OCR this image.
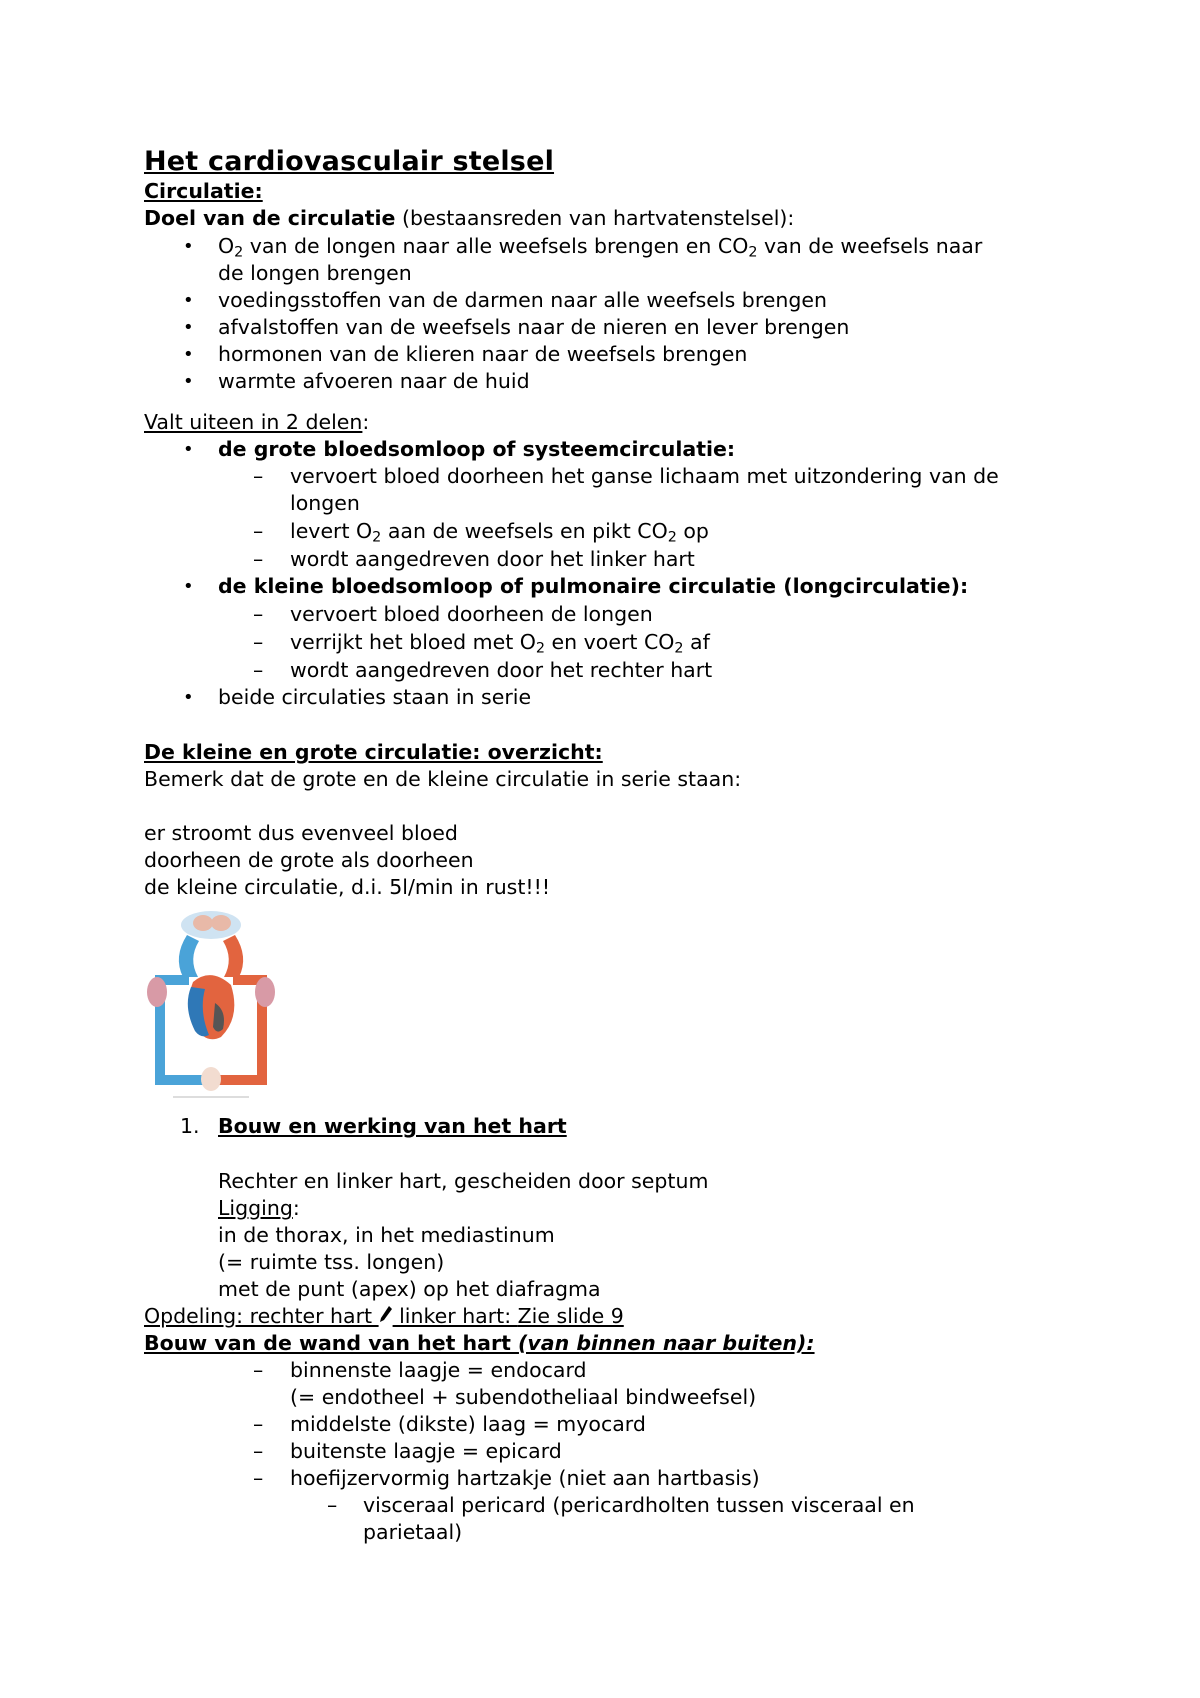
Het cardiovasculair stelsel
Circulatie:
Doel van de circulatie (bestaansreden van hartvatenstelsel):
• $O_2$ van de longen naar alle weefsels brengen en $CO_2$ van de weefsels naar
de longen brengen
• voedingsstoffen van de darmen naar alle weefsels brengen
• afvalstoffen van de weefsels naar de nieren en lever brengen
• hormonen van de klieren naar de weefsels brengen
• warmte afvoeren naar de huid
Valt uiteen in 2 delen:
• de grote bloedsomloop of systeemcirculatie:
– vervoert bloed doorheen het ganse lichaam met uitzondering van de
longen
– levert $O_2$ aan de weefsels en pikt $CO_2$ op
– wordt aangedreven door het linker hart
• de kleine bloedsomloop of pulmonaire circulatie (longcirculatie):
– vervoert bloed doorheen de longen
– verrijkt het bloed met $O_2$ en voert $CO_2$ af
– wordt aangedreven door het rechter hart
• beide circulaties staan in serie
De kleine en grote circulatie: overzicht:
Bemerk dat de grote en de kleine circulatie in serie staan:
er stroomt dus evenveel bloed
doorheen de grote als doorheen
de kleine circulatie, d.i. 5l/min in rust!!!
1. Bouw en werking van het hart
Rechter en linker hart, gescheiden door septum
Ligging:
in de thorax, in het mediastinum
(= ruimte tss. longen)
met de punt (apex) op het diafragma
Opdeling: rechter hart  linker hart: Zie slide 9
Bouw van de wand van het hart (van binnen naar buiten):
– binnenste laagje = endocard
(= endotheel + subendotheliaal bindweefsel)
– middelste (dikste) laag = myocard
– buitenste laagje = epicard
– hoefijzervormig hartzakje (niet aan hartbasis)
– visceraal pericard (pericardholten tussen visceraal en
parietaal)
